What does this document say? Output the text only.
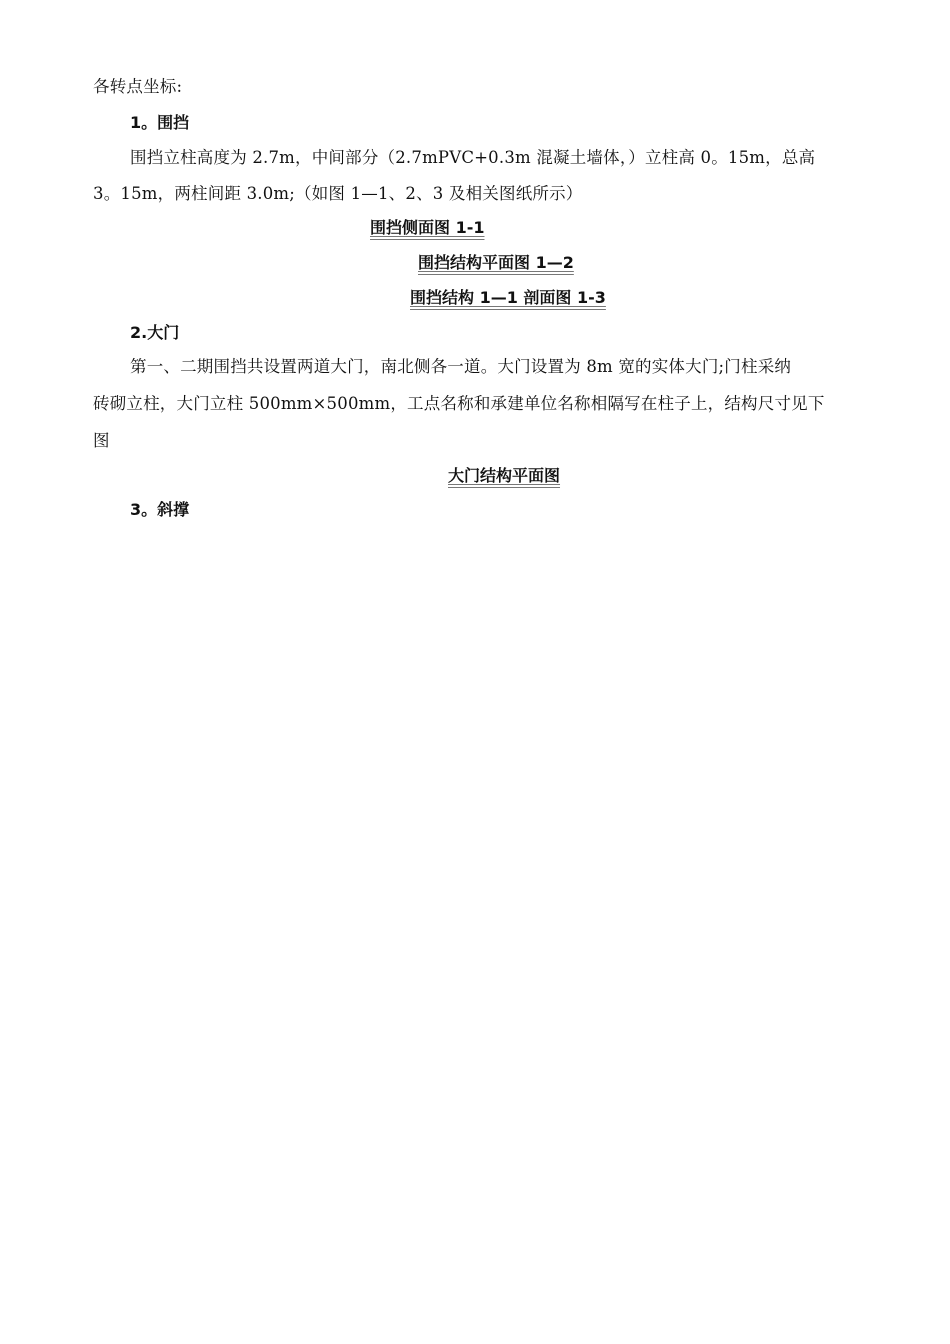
各转点坐标:
1。围挡
围挡立柱高度为 2.7m，中间部分（2.7mPVC+0.3m 混凝土墙体，）立柱高 0。15m，总高
3。15m，两柱间距 3.0m;（如图 1—1、2、3 及相关图纸所示）
围挡侧面图 1-1
围挡结构平面图 1—2
围挡结构 1—1 剖面图 1-3
2.大门
第一、二期围挡共设置两道大门，南北侧各一道。大门设置为 8m 宽的实体大门;门柱采纳
砖砌立柱，大门立柱 500mm×500mm，工点名称和承建单位名称相隔写在柱子上，结构尺寸见下
图
大门结构平面图
3。斜撑
